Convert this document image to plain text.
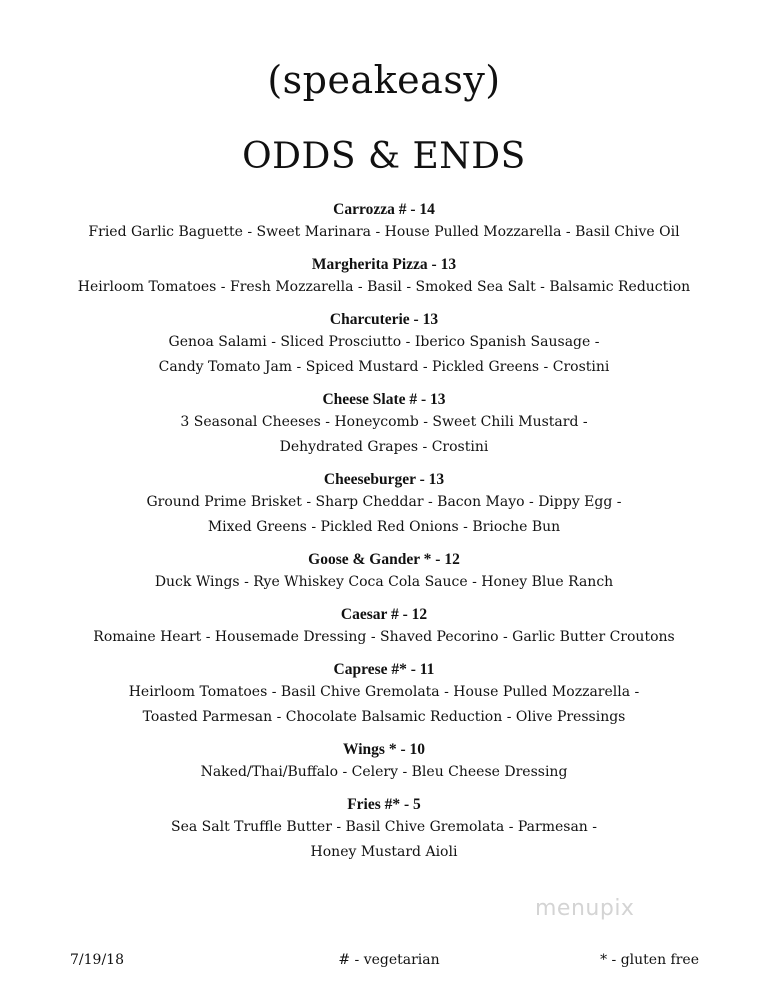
(speakeasy)
ODDS & ENDS
Carrozza # - 14
Fried Garlic Baguette - Sweet Marinara - House Pulled Mozzarella - Basil Chive Oil
Margherita Pizza - 13
Heirloom Tomatoes - Fresh Mozzarella - Basil - Smoked Sea Salt - Balsamic Reduction
Charcuterie - 13
Genoa Salami - Sliced Prosciutto - Iberico Spanish Sausage -
Candy Tomato Jam - Spiced Mustard - Pickled Greens - Crostini
Cheese Slate # - 13
3 Seasonal Cheeses - Honeycomb - Sweet Chili Mustard -
Dehydrated Grapes - Crostini
Cheeseburger - 13
Ground Prime Brisket - Sharp Cheddar - Bacon Mayo - Dippy Egg -
Mixed Greens - Pickled Red Onions - Brioche Bun
Goose & Gander * - 12
Duck Wings - Rye Whiskey Coca Cola Sauce - Honey Blue Ranch
Caesar # - 12
Romaine Heart - Housemade Dressing - Shaved Pecorino - Garlic Butter Croutons
Caprese #* - 11
Heirloom Tomatoes - Basil Chive Gremolata - House Pulled Mozzarella -
Toasted Parmesan - Chocolate Balsamic Reduction - Olive Pressings
Wings * - 10
Naked/Thai/Buffalo - Celery - Bleu Cheese Dressing
Fries #* - 5
Sea Salt Truffle Butter - Basil Chive Gremolata - Parmesan -
Honey Mustard Aioli
menupix
7/19/18	# - vegetarian	* - gluten free
